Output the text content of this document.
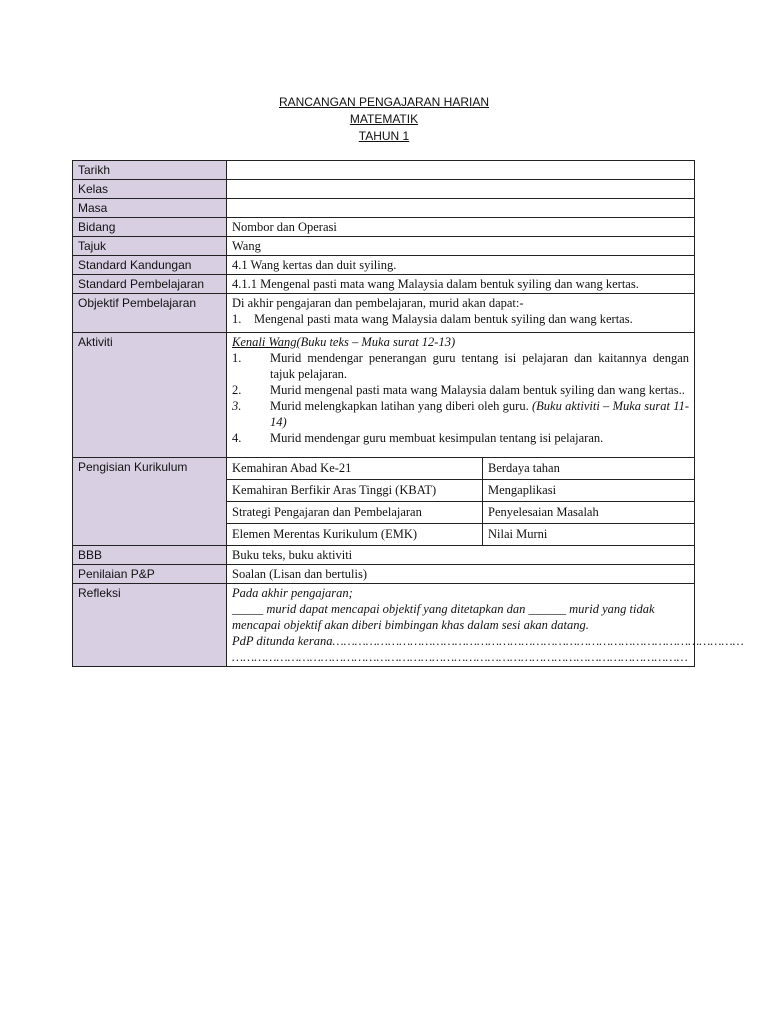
RANCANGAN PENGAJARAN HARIAN
MATEMATIK
TAHUN 1
Tarikh	
Kelas	
Masa	
Bidang	Nombor dan Operasi
Tajuk	Wang
Standard Kandungan	4.1 Wang kertas dan duit syiling.
Standard Pembelajaran	4.1.1 Mengenal pasti mata wang Malaysia dalam bentuk syiling dan wang kertas.
Objektif Pembelajaran	Di akhir pengajaran dan pembelajaran, murid akan dapat:-
1.	Mengenal pasti mata wang Malaysia dalam bentuk syiling dan wang kertas.

Aktiviti	Kenali Wang(Buku teks – Muka surat 12-13)
1.	Murid mendengar penerangan guru tentang isi pelajaran dan kaitannya dengan tajuk pelajaran.
2.	Murid mengenal pasti mata wang Malaysia dalam bentuk syiling dan wang kertas..
3.	Murid melengkapkan latihan yang diberi oleh guru. (Buku aktiviti – Muka surat 11-14)
4.	Murid mendengar guru membuat kesimpulan tentang isi pelajaran.

Pengisian Kurikulum		Kemahiran Abad Ke-21	Berdaya tahan
Kemahiran Berfikir Aras Tinggi (KBAT)	Mengaplikasi
Strategi Pengajaran dan Pembelajaran	Penyelesaian Masalah
Elemen Merentas Kurikulum (EMK)	Nilai Murni

BBB	Buku teks, buku aktiviti
Penilaian P&P	Soalan (Lisan dan bertulis)
Refleksi	Pada akhir pengajaran;
_____ murid dapat mencapai objektif yang ditetapkan dan ______ murid yang tidak mencapai objektif akan diberi bimbingan khas dalam sesi akan datang.
PdP ditunda kerana…………………………………………………………………………………………………
……………………………………………………………………………………………………………
